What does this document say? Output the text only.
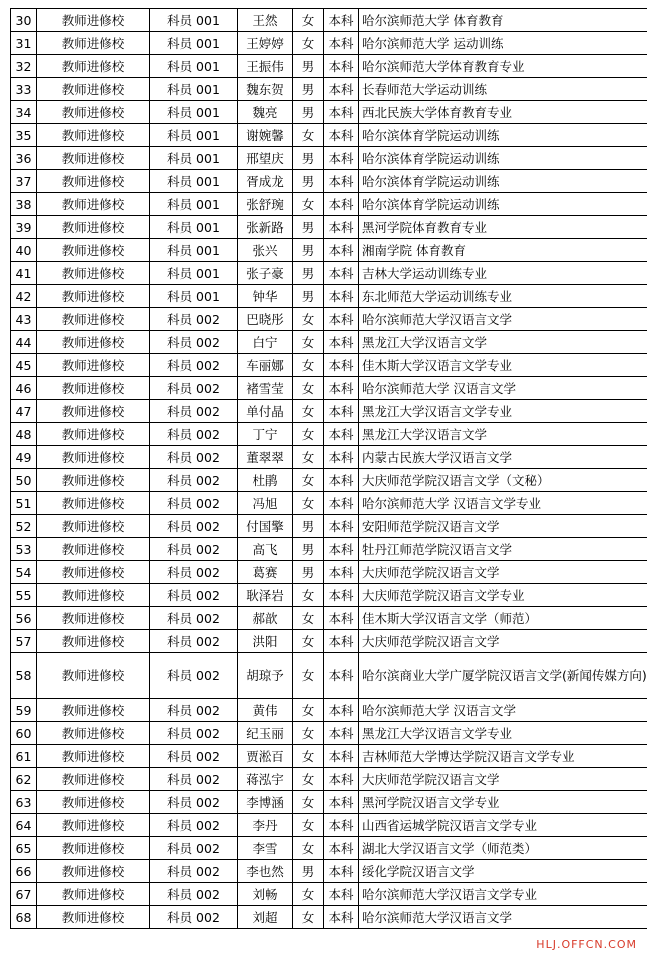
30	教师进修校	科员 001	王然	女	本科	哈尔滨师范大学 体育教育
31	教师进修校	科员 001	王婷婷	女	本科	哈尔滨师范大学 运动训练
32	教师进修校	科员 001	王振伟	男	本科	哈尔滨师范大学体育教育专业
33	教师进修校	科员 001	魏东贺	男	本科	长春师范大学运动训练
34	教师进修校	科员 001	魏亮	男	本科	西北民族大学体育教育专业
35	教师进修校	科员 001	谢婉馨	女	本科	哈尔滨体育学院运动训练
36	教师进修校	科员 001	邢望庆	男	本科	哈尔滨体育学院运动训练
37	教师进修校	科员 001	胥成龙	男	本科	哈尔滨体育学院运动训练
38	教师进修校	科员 001	张舒琬	女	本科	哈尔滨体育学院运动训练
39	教师进修校	科员 001	张新路	男	本科	黑河学院体育教育专业
40	教师进修校	科员 001	张兴	男	本科	湘南学院 体育教育
41	教师进修校	科员 001	张子豪	男	本科	吉林大学运动训练专业
42	教师进修校	科员 001	钟华	男	本科	东北师范大学运动训练专业
43	教师进修校	科员 002	巴晓彤	女	本科	哈尔滨师范大学汉语言文学
44	教师进修校	科员 002	白宁	女	本科	黑龙江大学汉语言文学
45	教师进修校	科员 002	车丽娜	女	本科	佳木斯大学汉语言文学专业
46	教师进修校	科员 002	褚雪莹	女	本科	哈尔滨师范大学 汉语言文学
47	教师进修校	科员 002	单付晶	女	本科	黑龙江大学汉语言文学专业
48	教师进修校	科员 002	丁宁	女	本科	黑龙江大学汉语言文学
49	教师进修校	科员 002	董翠翠	女	本科	内蒙古民族大学汉语言文学
50	教师进修校	科员 002	杜鹃	女	本科	大庆师范学院汉语言文学（文秘）
51	教师进修校	科员 002	冯旭	女	本科	哈尔滨师范大学 汉语言文学专业
52	教师进修校	科员 002	付国擎	男	本科	安阳师范学院汉语言文学
53	教师进修校	科员 002	高飞	男	本科	牡丹江师范学院汉语言文学
54	教师进修校	科员 002	葛赛	男	本科	大庆师范学院汉语言文学
55	教师进修校	科员 002	耿泽岩	女	本科	大庆师范学院汉语言文学专业
56	教师进修校	科员 002	郝歆	女	本科	佳木斯大学汉语言文学（师范）
57	教师进修校	科员 002	洪阳	女	本科	大庆师范学院汉语言文学
58	教师进修校	科员 002	胡琼予	女	本科	哈尔滨商业大学广厦学院汉语言文学(新闻传媒方向)
59	教师进修校	科员 002	黄伟	女	本科	哈尔滨师范大学 汉语言文学
60	教师进修校	科员 002	纪玉丽	女	本科	黑龙江大学汉语言文学专业
61	教师进修校	科员 002	贾淞百	女	本科	吉林师范大学博达学院汉语言文学专业
62	教师进修校	科员 002	蒋泓宇	女	本科	大庆师范学院汉语言文学
63	教师进修校	科员 002	李博涵	女	本科	黑河学院汉语言文学专业
64	教师进修校	科员 002	李丹	女	本科	山西省运城学院汉语言文学专业
65	教师进修校	科员 002	李雪	女	本科	湖北大学汉语言文学（师范类）
66	教师进修校	科员 002	李也然	男	本科	绥化学院汉语言文学
67	教师进修校	科员 002	刘畅	女	本科	哈尔滨师范大学汉语言文学专业
68	教师进修校	科员 002	刘超	女	本科	哈尔滨师范大学汉语言文学
HLJ.OFFCN.COM
